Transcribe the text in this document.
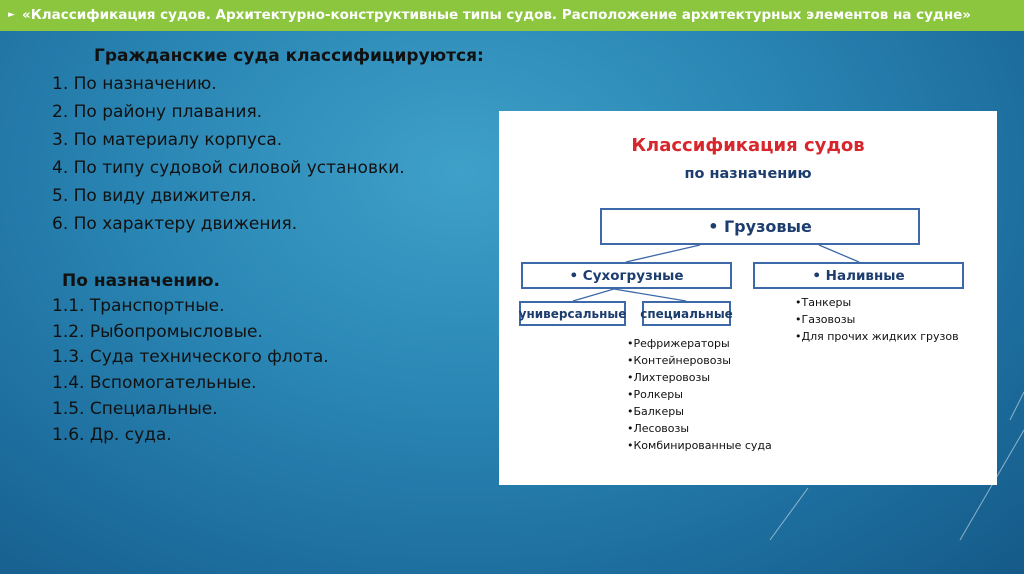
► «Классификация судов. Архитектурно-конструктивные типы судов. Расположение архитектурных элементов на судне»
Гражданские суда классифицируются:
1. По назначению.
2. По району плавания.
3. По материалу корпуса.
4. По типу судовой силовой установки.
5. По виду движителя.
6. По характеру движения.
По назначению.
1.1. Транспортные.
1.2. Рыбопромысловые.
1.3. Суда технического флота.
1.4. Вспомогательные.
1.5. Специальные.
1.6. Др. суда.
Классификация судов
по назначению
• Грузовые
• Сухогрузные	• Наливные
универсальные специальные
•Танкеры
•Газовозы
•Для прочих жидких грузов
•Рефрижераторы
•Контейнеровозы
•Лихтеровозы
•Ролкеры
•Балкеры
•Лесовозы
•Комбинированные суда
